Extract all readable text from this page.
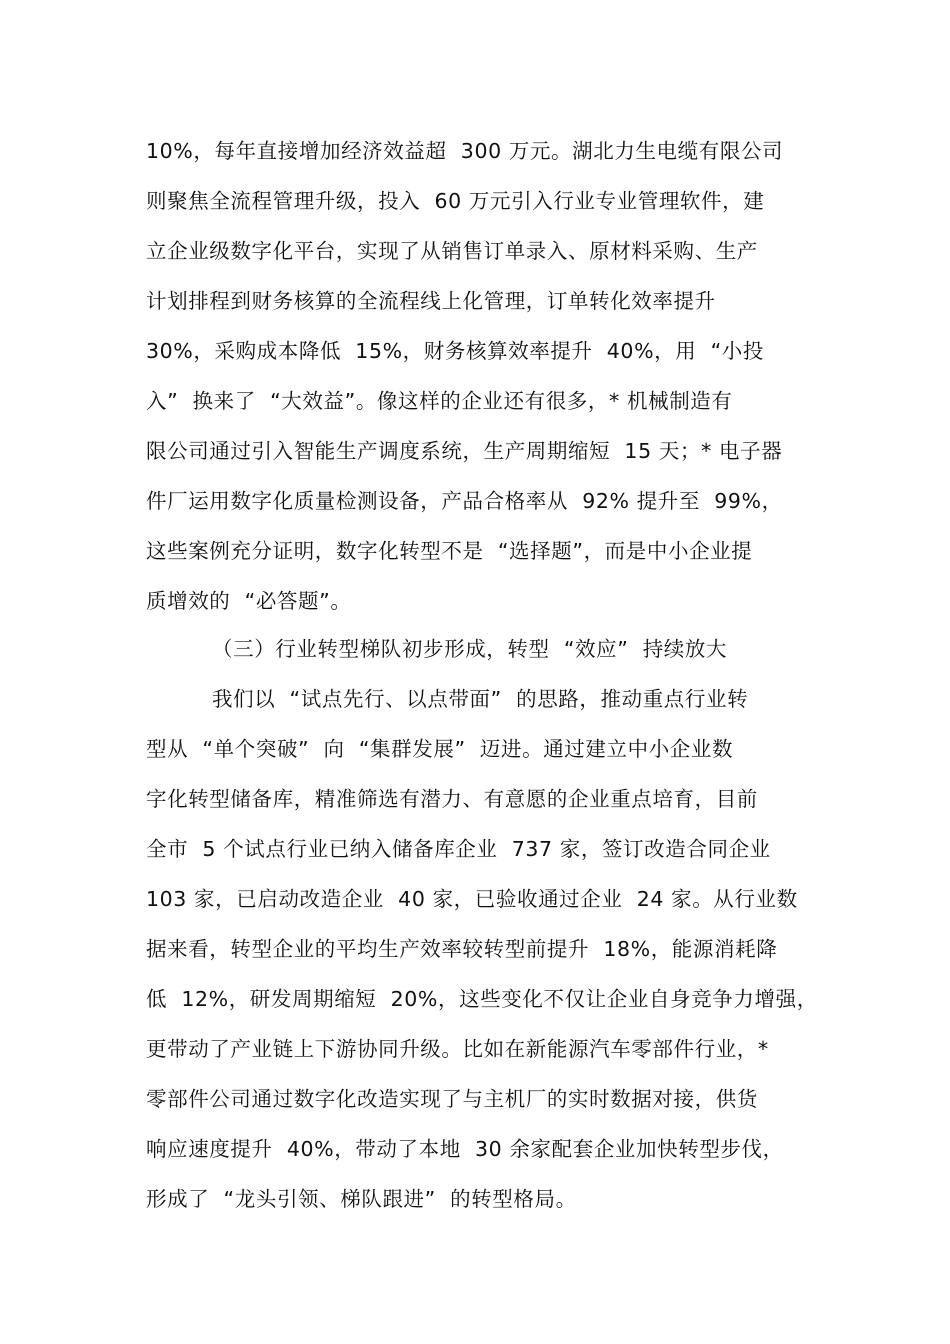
10%，每年直接增加经济效益超  300 万元。湖北力生电缆有限公司

则聚焦全流程管理升级，投入  60 万元引入行业专业管理软件，建

立企业级数字化平台，实现了从销售订单录入、原材料采购、生产

计划排程到财务核算的全流程线上化管理，订单转化效率提升

30%，采购成本降低  15%，财务核算效率提升  40%，用  “小投

入”  换来了  “大效益”。像这样的企业还有很多，* 机械制造有

限公司通过引入智能生产调度系统，生产周期缩短  15 天；* 电子器

件厂运用数字化质量检测设备，产品合格率从  92% 提升至  99%，

这些案例充分证明，数字化转型不是  “选择题”，而是中小企业提

质增效的  “必答题”。

（三）行业转型梯队初步形成，转型  “效应”  持续放大

我们以  “试点先行、以点带面”  的思路，推动重点行业转

型从  “单个突破”  向  “集群发展”  迈进。通过建立中小企业数

字化转型储备库，精准筛选有潜力、有意愿的企业重点培育，目前

全市  5 个试点行业已纳入储备库企业  737 家，签订改造合同企业

103 家，已启动改造企业  40 家，已验收通过企业  24 家。从行业数

据来看，转型企业的平均生产效率较转型前提升  18%，能源消耗降

低  12%，研发周期缩短  20%，这些变化不仅让企业自身竞争力增强，

更带动了产业链上下游协同升级。比如在新能源汽车零部件行业，*

零部件公司通过数字化改造实现了与主机厂的实时数据对接，供货

响应速度提升  40%，带动了本地  30 余家配套企业加快转型步伐，

形成了  “龙头引领、梯队跟进”  的转型格局。
